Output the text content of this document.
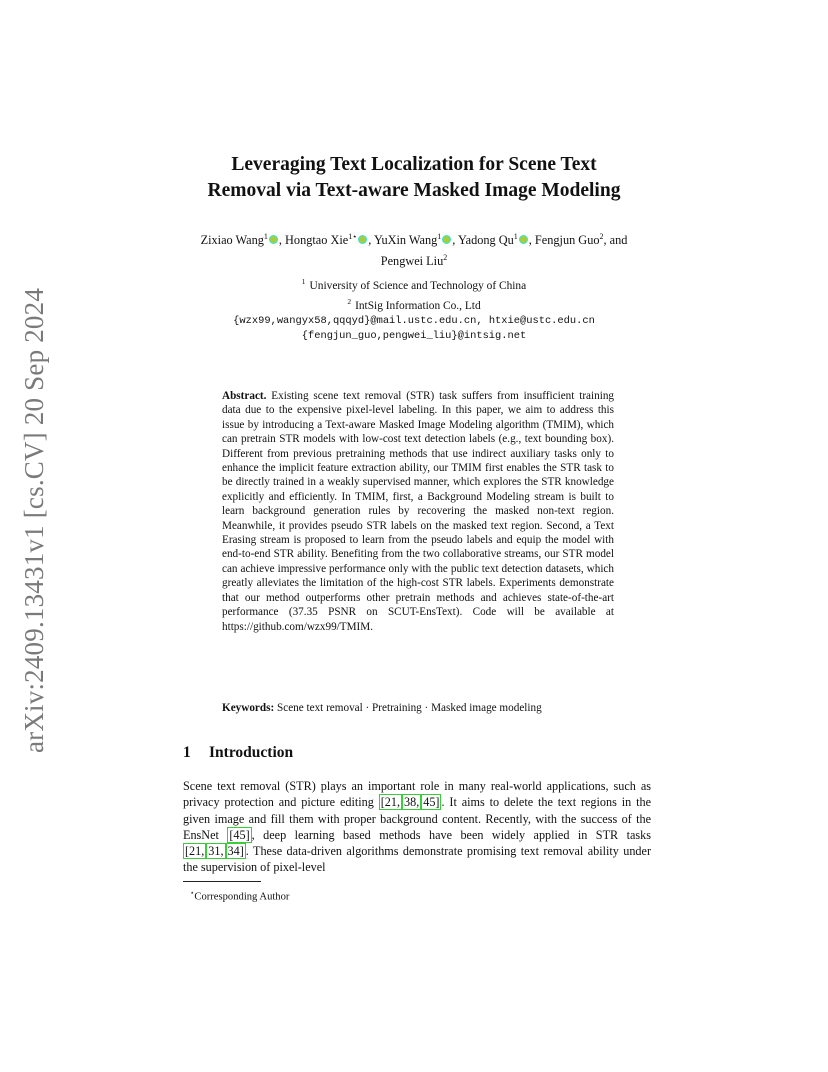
arXiv:2409.13431v1 [cs.CV] 20 Sep 2024
Leveraging Text Localization for Scene Text
Removal via Text-aware Masked Image Modeling
Zixiao Wang$^1$ , Hongtao Xie$^{1⋆}$ , YuXin Wang$^1$ , Yadong Qu$^1$ , Fengjun Guo$^2$, and Pengwei Liu$^2$
$^1$ University of Science and Technology of China
$^2$ IntSig Information Co., Ltd
{wzx99,wangyx58,qqqyd}@mail.ustc.edu.cn, htxie@ustc.edu.cn
{fengjun_guo,pengwei_liu}@intsig.net
Abstract. Existing scene text removal (STR) task suffers from insufficient training data due to the expensive pixel-level labeling. In this paper, we aim to address this issue by introducing a Text-aware Masked Image Modeling algorithm (TMIM), which can pretrain STR models with low-cost text detection labels (e.g., text bounding box). Different from previous pretraining methods that use indirect auxiliary tasks only to enhance the implicit feature extraction ability, our TMIM first enables the STR task to be directly trained in a weakly supervised manner, which explores the STR knowledge explicitly and efficiently. In TMIM, first, a Background Modeling stream is built to learn background generation rules by recovering the masked non-text region. Meanwhile, it provides pseudo STR labels on the masked text region. Second, a Text Erasing stream is proposed to learn from the pseudo labels and equip the model with end-to-end STR ability. Benefiting from the two collaborative streams, our STR model can achieve impressive performance only with the public text detection datasets, which greatly alleviates the limitation of the high-cost STR labels. Experiments demonstrate that our method outperforms other pretrain methods and achieves state-of-the-art performance (37.35 PSNR on SCUT-EnsText). Code will be available at https://github.com/wzx99/TMIM.
Keywords: Scene text removal · Pretraining · Masked image modeling
1 Introduction
Scene text removal (STR) plays an important role in many real-world applications, such as privacy protection and picture editing [21, 38, 45] . It aims to delete the text regions in the given image and fill them with proper background content. Recently, with the success of the EnsNet [45] , deep learning based methods have been widely applied in STR tasks [21, 31, 34] . These data-driven algorithms demonstrate promising text removal ability under the supervision of pixel-level
⋆Corresponding Author
